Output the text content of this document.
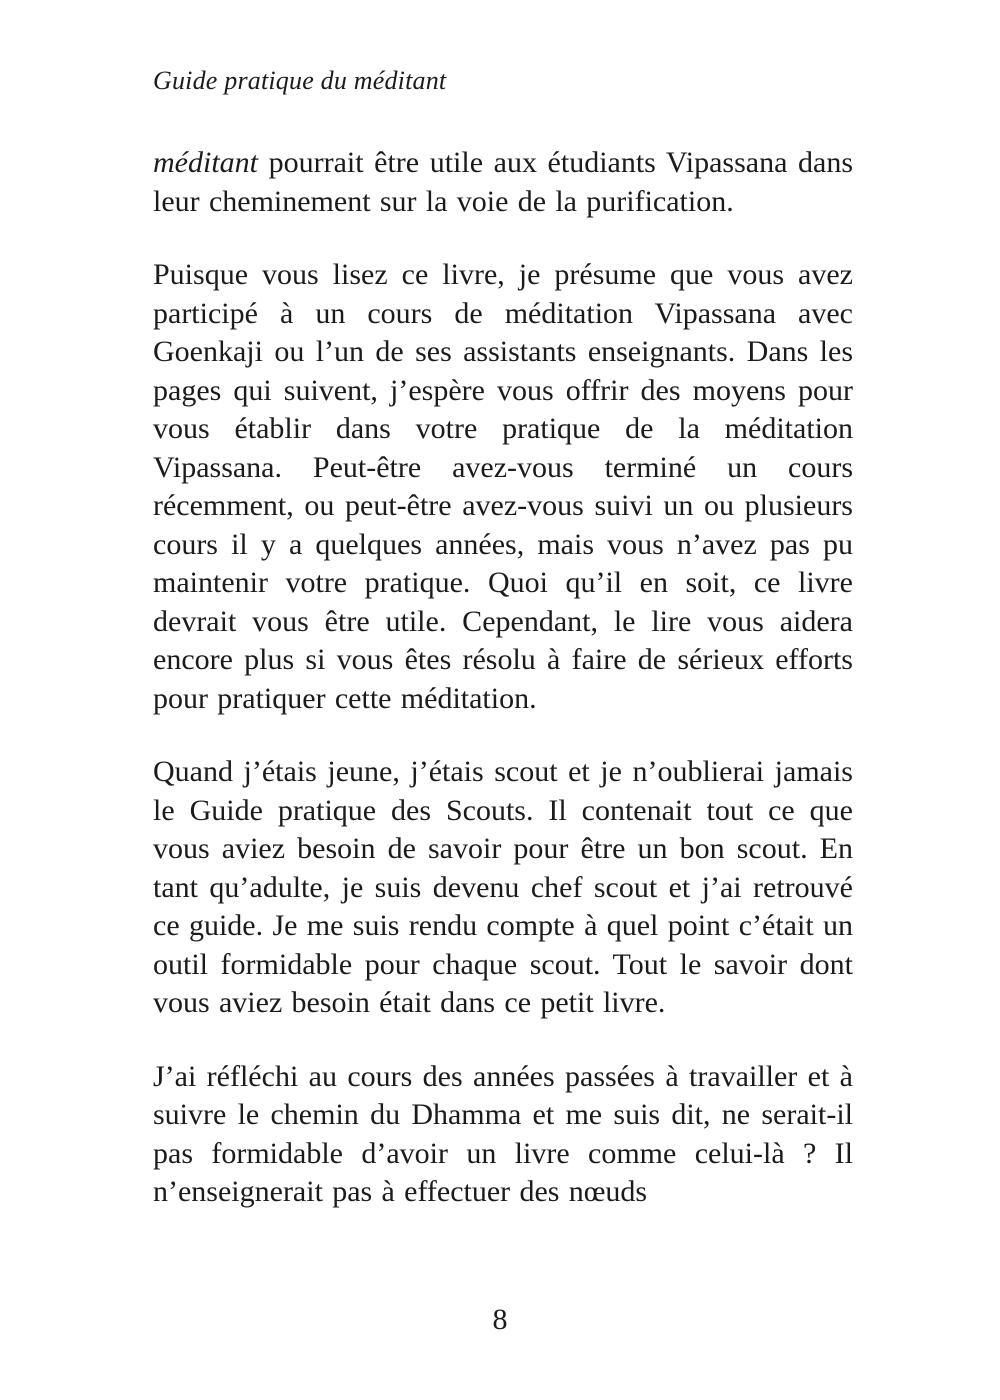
Guide pratique du méditant

méditant pourrait être utile aux étudiants Vipassana dans leur cheminement sur la voie de la purification.

Puisque vous lisez ce livre, je présume que vous avez participé à un cours de méditation Vipassana avec Goenkaji ou l’un de ses assistants enseignants. Dans les pages qui suivent, j’espère vous offrir des moyens pour vous établir dans votre pratique de la méditation Vipassana. Peut-être avez-vous terminé un cours récemment, ou peut-être avez-vous suivi un ou plusieurs cours il y a quelques années, mais vous n’avez pas pu maintenir votre pratique. Quoi qu’il en soit, ce livre devrait vous être utile. Cependant, le lire vous aidera encore plus si vous êtes résolu à faire de sérieux efforts pour pratiquer cette méditation.

Quand j’étais jeune, j’étais scout et je n’oublierai jamais le Guide pratique des Scouts. Il contenait tout ce que vous aviez besoin de savoir pour être un bon scout. En tant qu’adulte, je suis devenu chef scout et j’ai retrouvé ce guide. Je me suis rendu compte à quel point c’était un outil formidable pour chaque scout. Tout le savoir dont vous aviez besoin était dans ce petit livre.

J’ai réfléchi au cours des années passées à travailler et à suivre le chemin du Dhamma et me suis dit, ne serait-il pas formidable d’avoir un livre comme celui-là ? Il n’enseignerait pas à effectuer des nœuds

8
